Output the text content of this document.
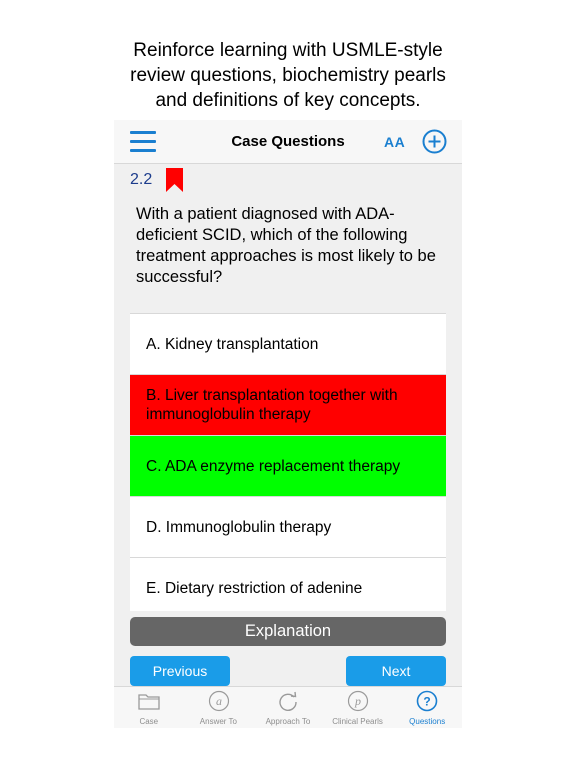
Reinforce learning with USMLE-style
review questions, biochemistry pearls
and definitions of key concepts.
Case Questions	AA
2.2
With a patient diagnosed with ADA-deficient SCID, which of the following treatment approaches is most likely to be successful?
A. Kidney transplantation
B. Liver transplantation together with immunoglobulin therapy
C. ADA enzyme replacement therapy
D. Immunoglobulin therapy
E. Dietary restriction of adenine
Explanation
Previous	Next
Case
a
Answer To	Approach To
p
Clinical Pearls
?
Questions
